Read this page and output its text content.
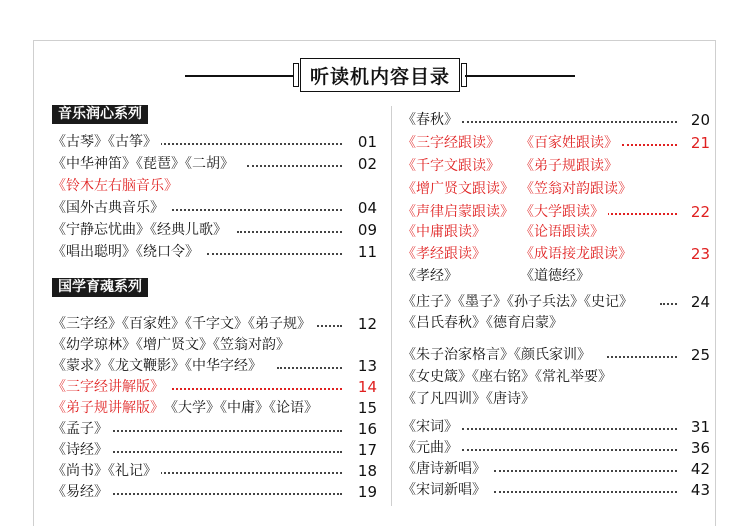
听读机内容目录
音乐润心系列
《古琴》《古筝》	01
《中华神笛》《琵琶》《二胡》	02
《铃木左右脑音乐》
《国外古典音乐》	04
《宁静忘忧曲》《经典儿歌》	09
《唱出聪明》《绕口令》	11
国学育魂系列
《三字经》《百家姓》《千字文》《弟子规》	12
《幼学琼林》《增广贤文》《笠翁对韵》
《蒙求》《龙文鞭影》《中华字经》	13
《三字经讲解版》	14
《弟子规讲解版》 《大学》《中庸》《论语》	15
《孟子》	16
《诗经》	17
《尚书》《礼记》	18
《易经》	19
《春秋》	20
《三字经跟读》 《百家姓跟读》	21
《千字文跟读》 《弟子规跟读》
《增广贤文跟读》 《笠翁对韵跟读》
《声律启蒙跟读》 《大学跟读》	22
《中庸跟读》 《论语跟读》
《孝经跟读》 《成语接龙跟读》	23
《孝经》	《道德经》
《庄子》《墨子》《孙子兵法》《史记》	24
《吕氏春秋》《德育启蒙》
《朱子治家格言》《颜氏家训》	25
《女史箴》《座右铭》《常礼举要》
《了凡四训》《唐诗》
《宋词》	31
《元曲》	36
《唐诗新唱》	42
《宋词新唱》	43
